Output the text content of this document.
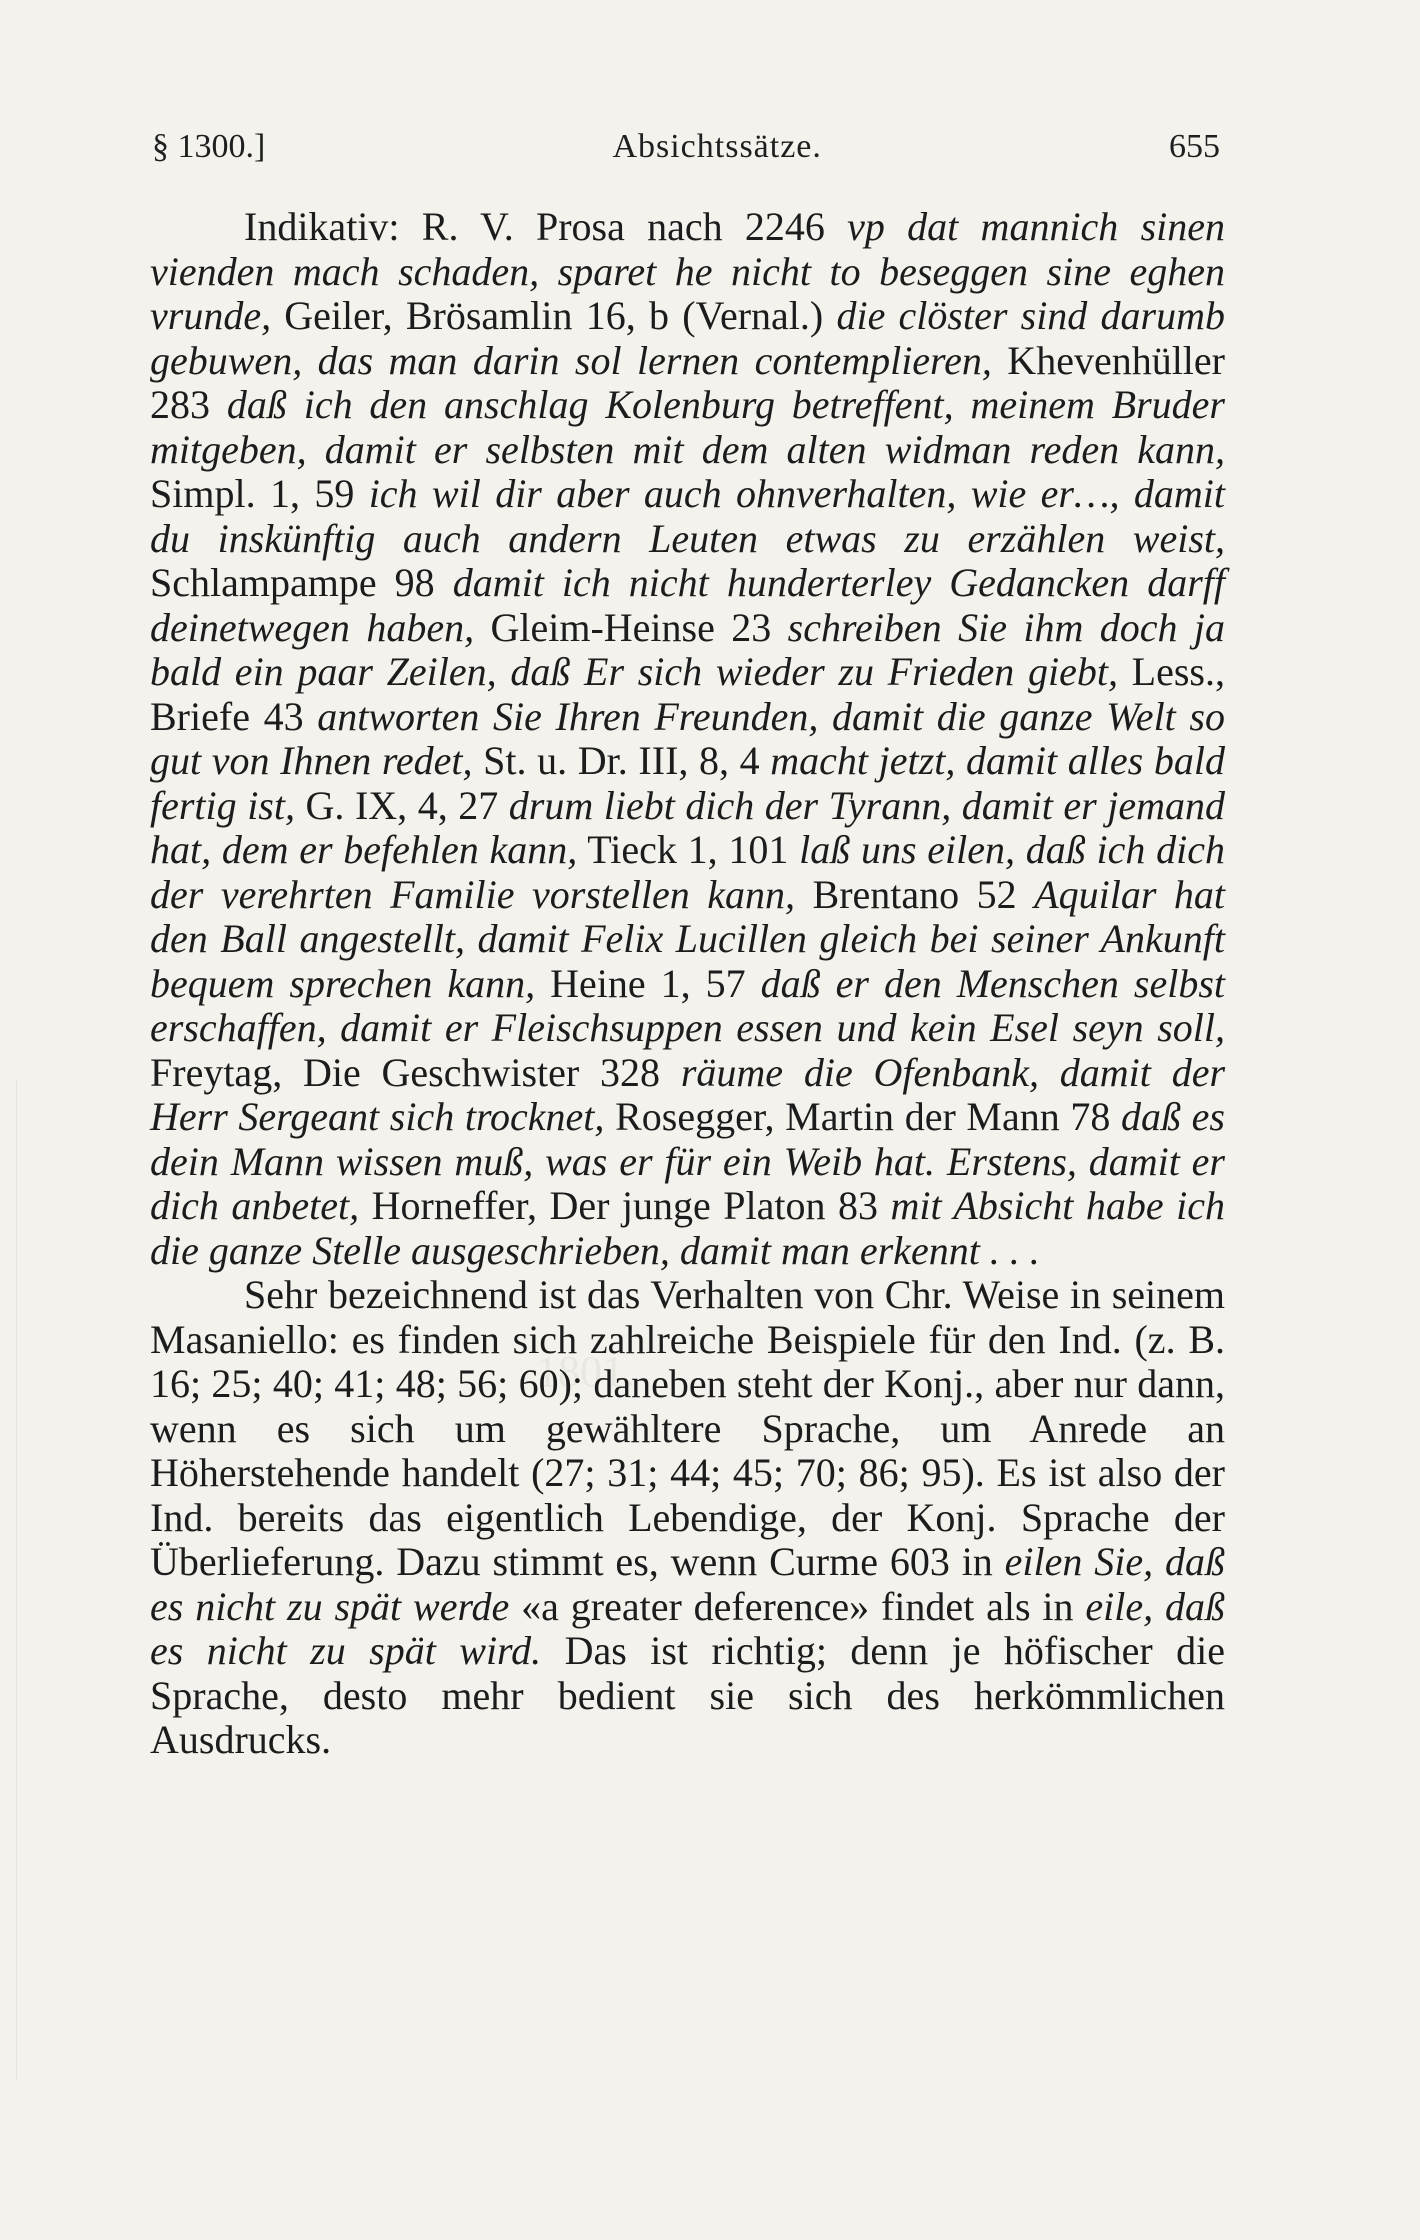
§ 1300.]	Absichtssätze.	655

Indikativ: R. V. Prosa nach 2246 vp dat mannich sinen vienden mach schaden, sparet he nicht to beseggen sine eghen vrunde, Geiler, Brösamlin 16, b (Vernal.) die clöster sind darumb gebuwen, das man darin sol lernen contemplieren, Khevenhüller 283 daß ich den anschlag Kolenburg betreffent, meinem Bruder mitgeben, damit er selbsten mit dem alten widman reden kann, Simpl. 1, 59 ich wil dir aber auch ohnverhalten, wie er…, damit du inskünftig auch andern Leuten etwas zu erzählen weist, Schlampampe 98 damit ich nicht hunderterley Gedancken darff deinetwegen haben, Gleim-Heinse 23 schreiben Sie ihm doch ja bald ein paar Zeilen, daß Er sich wieder zu Frieden giebt, Less., Briefe 43 antworten Sie Ihren Freunden, damit die ganze Welt so gut von Ihnen redet, St. u. Dr. III, 8, 4 macht jetzt, damit alles bald fertig ist, G. IX, 4, 27 drum liebt dich der Tyrann, damit er jemand hat, dem er befehlen kann, Tieck 1, 101 laß uns eilen, daß ich dich der verehrten Familie vorstellen kann, Brentano 52 Aquilar hat den Ball angestellt, damit Felix Lucillen gleich bei seiner Ankunft bequem sprechen kann, Heine 1, 57 daß er den Menschen selbst erschaffen, damit er Fleischsuppen essen und kein Esel seyn soll, Freytag, Die Geschwister 328 räume die Ofenbank, damit der Herr Sergeant sich trocknet, Rosegger, Martin der Mann 78 daß es dein Mann wissen muß, was er für ein Weib hat. Erstens, damit er dich anbetet, Horneffer, Der junge Platon 83 mit Absicht habe ich die ganze Stelle ausgeschrieben, damit man erkennt . . .

Sehr bezeichnend ist das Verhalten von Chr. Weise in seinem Masaniello: es finden sich zahlreiche Beispiele für den Ind. (z. B. 16; 25; 40; 41; 48; 56; 60); daneben steht der Konj., aber nur dann, wenn es sich um gewähltere Sprache, um Anrede an Höherstehende handelt (27; 31; 44; 45; 70; 86; 95). Es ist also der Ind. bereits das eigentlich Lebendige, der Konj. Sprache der Überlieferung. Dazu stimmt es, wenn Curme 603 in eilen Sie, daß es nicht zu spät werde «a greater deference» findet als in eile, daß es nicht zu spät wird. Das ist richtig; denn je höfischer die Sprache, desto mehr bedient sie sich des herkömmlichen Ausdrucks.
